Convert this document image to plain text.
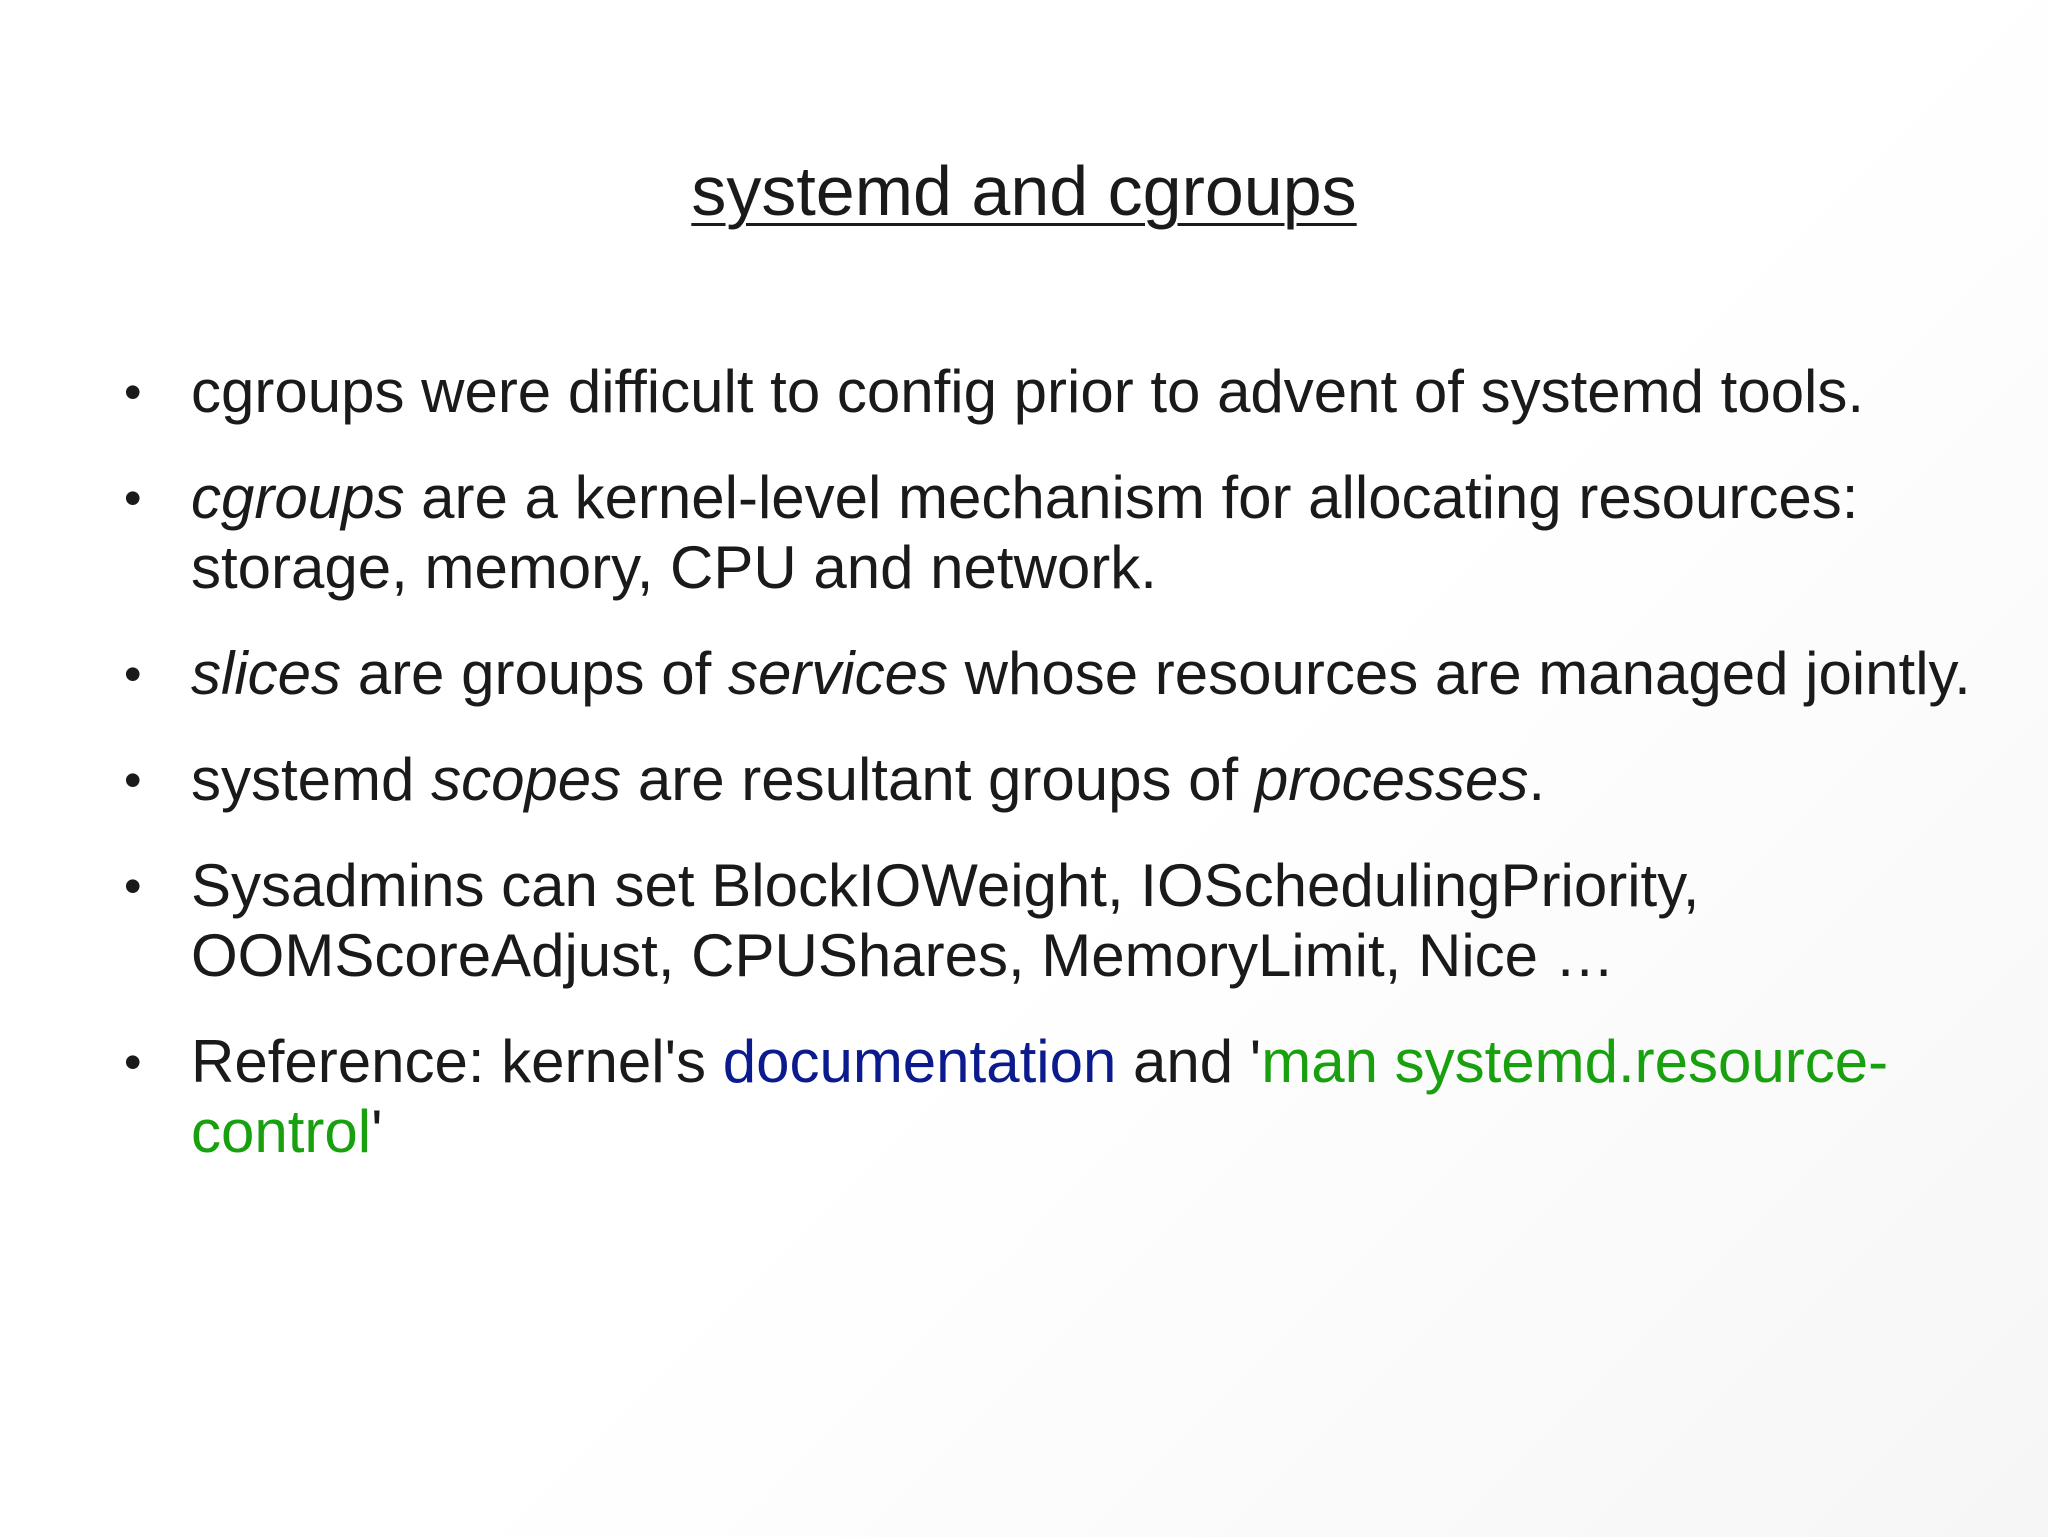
systemd and cgroups
• cgroups were difficult to config prior to advent of systemd tools.
• cgroups are a kernel-level mechanism for allocating resources: storage, memory, CPU and network.
• slices are groups of services whose resources are managed jointly.
• systemd scopes are resultant groups of processes.
• Sysadmins can set BlockIOWeight, IOSchedulingPriority, OOMScoreAdjust, CPUShares, MemoryLimit, Nice …
• Reference: kernel's documentation and 'man systemd.resource-control'
